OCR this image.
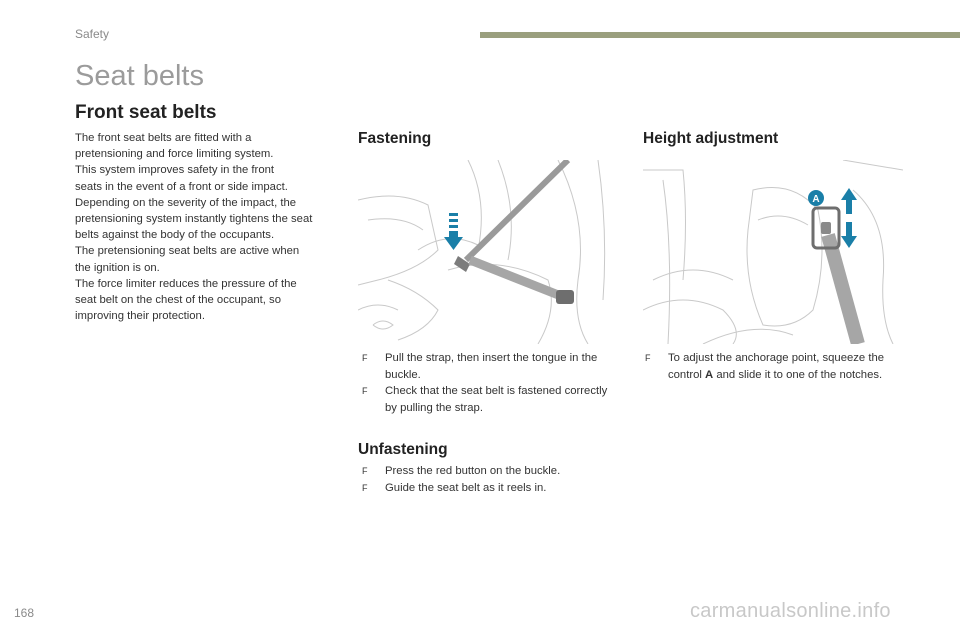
Safety
Seat belts
Front seat belts
The front seat belts are fitted with a
pretensioning and force limiting system.
This system improves safety in the front
seats in the event of a front or side impact.
Depending on the severity of the impact, the
pretensioning system instantly tightens the seat
belts against the body of the occupants.
The pretensioning seat belts are active when
the ignition is on.
The force limiter reduces the pressure of the
seat belt on the chest of the occupant, so
improving their protection.
Fastening
F Pull the strap, then insert the tongue in the buckle.
F Check that the seat belt is fastened correctly by pulling the strap.
Unfastening
F Press the red button on the buckle.
F Guide the seat belt as it reels in.
Height adjustment
A
F To adjust the anchorage point, squeeze the control A and slide it to one of the notches.
168	carmanualsonline.info
